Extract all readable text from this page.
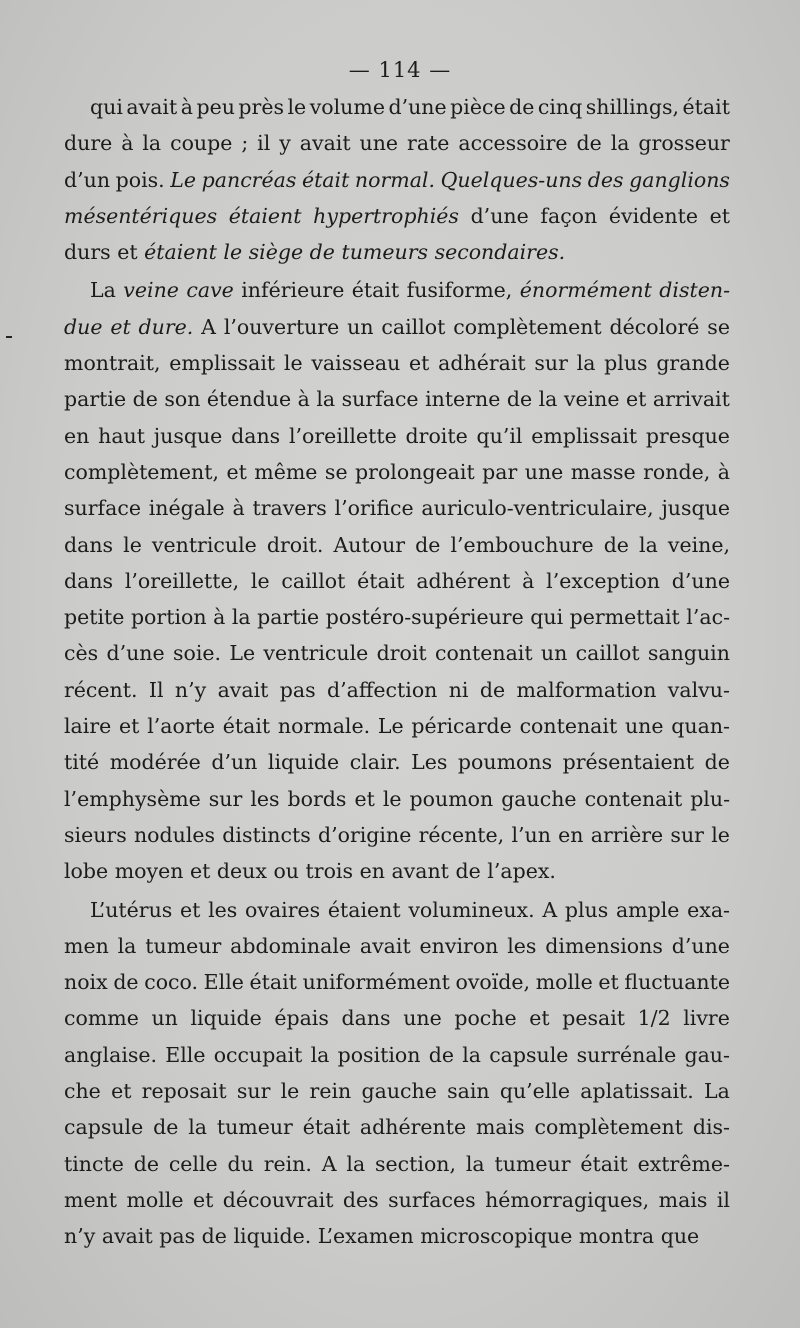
— 114 —
qui avait à peu près le volume d’une pièce de cinq shillings, était
dure à la coupe ; il y avait une rate accessoire de la grosseur
d’un pois. Le pancréas était normal. Quelques-uns des ganglions
mésentériques étaient hypertrophiés d’une façon évidente et
durs et étaient le siège de tumeurs secondaires.
La veine cave inférieure était fusiforme, énormément disten-
due et dure. A l’ouverture un caillot complètement décoloré se
montrait, emplissait le vaisseau et adhérait sur la plus grande
partie de son étendue à la surface interne de la veine et arrivait
en haut jusque dans l’oreillette droite qu’il emplissait presque
complètement, et même se prolongeait par une masse ronde, à
surface inégale à travers l’orifice auriculo-ventriculaire, jusque
dans le ventricule droit. Autour de l’embouchure de la veine,
dans l’oreillette, le caillot était adhérent à l’exception d’une
petite portion à la partie postéro-supérieure qui permettait l’ac-
cès d’une soie. Le ventricule droit contenait un caillot sanguin
récent. Il n’y avait pas d’affection ni de malformation valvu-
laire et l’aorte était normale. Le péricarde contenait une quan-
tité modérée d’un liquide clair. Les poumons présentaient de
l’emphysème sur les bords et le poumon gauche contenait plu-
sieurs nodules distincts d’origine récente, l’un en arrière sur le
lobe moyen et deux ou trois en avant de l’apex.
L’utérus et les ovaires étaient volumineux. A plus ample exa-
men la tumeur abdominale avait environ les dimensions d’une
noix de coco. Elle était uniformément ovoïde, molle et fluctuante
comme un liquide épais dans une poche et pesait 1/2 livre
anglaise. Elle occupait la position de la capsule surrénale gau-
che et reposait sur le rein gauche sain qu’elle aplatissait. La
capsule de la tumeur était adhérente mais complètement dis-
tincte de celle du rein. A la section, la tumeur était extrême-
ment molle et découvrait des surfaces hémorragiques, mais il
n’y avait pas de liquide. L’examen microscopique montra que
